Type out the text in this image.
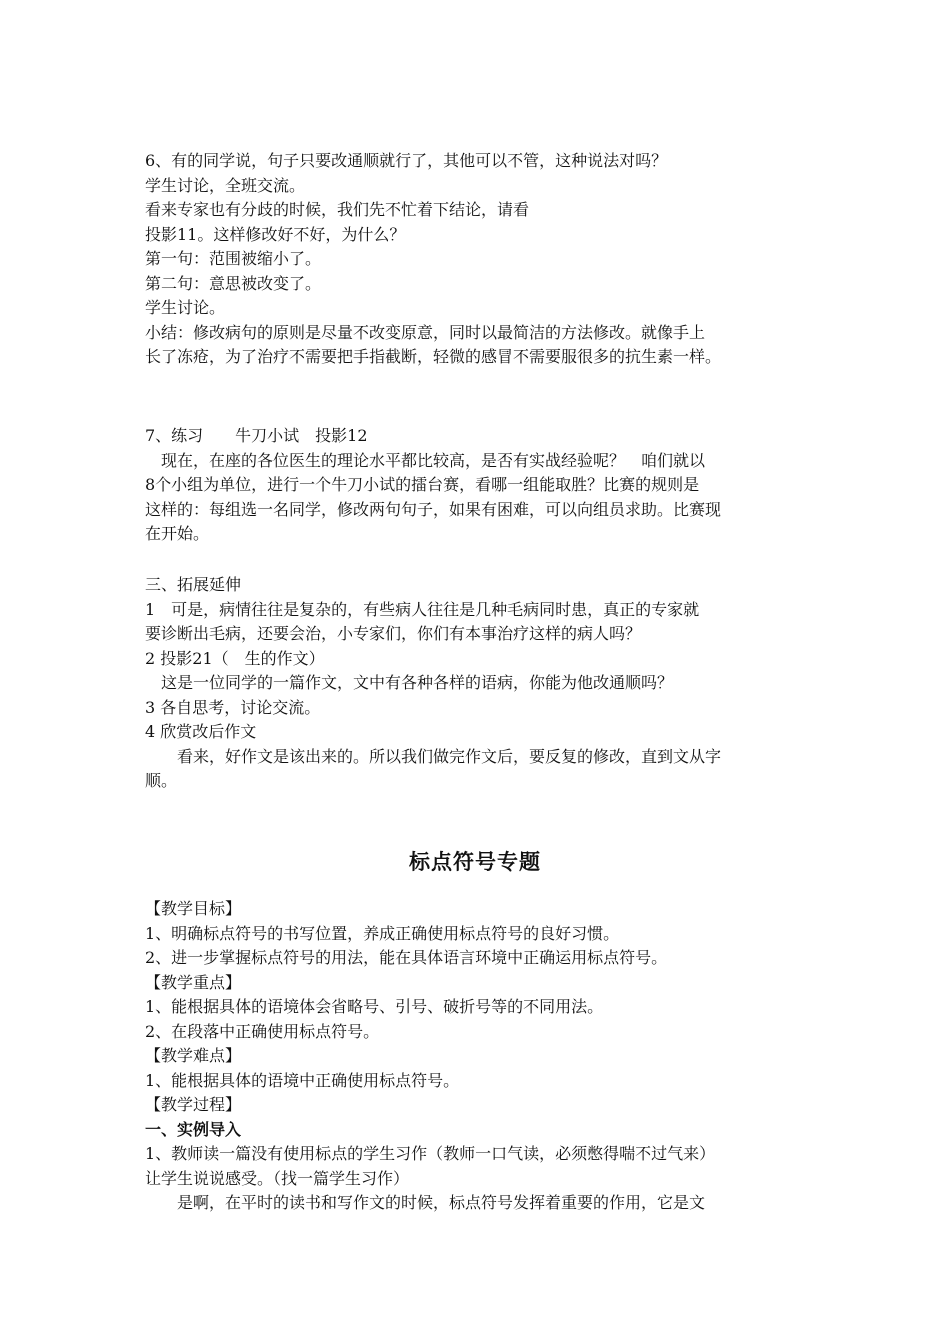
6、有的同学说，句子只要改通顺就行了，其他可以不管，这种说法对吗？

学生讨论，全班交流。

看来专家也有分歧的时候，我们先不忙着下结论，请看

投影11。这样修改好不好，为什么？

第一句：范围被缩小了。

第二句：意思被改变了。

学生讨论。

小结：修改病句的原则是尽量不改变原意，同时以最简洁的方法修改。就像手上

长了冻疮，为了治疗不需要把手指截断，轻微的感冒不需要服很多的抗生素一样。

7、练习　　牛刀小试　投影12

　现在，在座的各位医生的理论水平都比较高，是否有实战经验呢？　咱们就以

8个小组为单位，进行一个牛刀小试的擂台赛，看哪一组能取胜？比赛的规则是

这样的：每组选一名同学，修改两句句子，如果有困难，可以向组员求助。比赛现

在开始。

三、拓展延伸

1　可是，病情往往是复杂的，有些病人往往是几种毛病同时患，真正的专家就

要诊断出毛病，还要会治，小专家们，你们有本事治疗这样的病人吗？

2 投影21（　生的作文）

　这是一位同学的一篇作文，文中有各种各样的语病，你能为他改通顺吗？

3 各自思考，讨论交流。

4 欣赏改后作文

　　看来，好作文是该出来的。所以我们做完作文后，要反复的修改，直到文从字

顺。

标点符号专题

【教学目标】

1、明确标点符号的书写位置，养成正确使用标点符号的良好习惯。

2、进一步掌握标点符号的用法，能在具体语言环境中正确运用标点符号。

【教学重点】

1、能根据具体的语境体会省略号、引号、破折号等的不同用法。

2、在段落中正确使用标点符号。

【教学难点】

1、能根据具体的语境中正确使用标点符号。

【教学过程】

一、实例导入

1、教师读一篇没有使用标点的学生习作（教师一口气读，必须憋得喘不过气来）

让学生说说感受。（找一篇学生习作）

　　是啊，在平时的读书和写作文的时候，标点符号发挥着重要的作用，它是文
